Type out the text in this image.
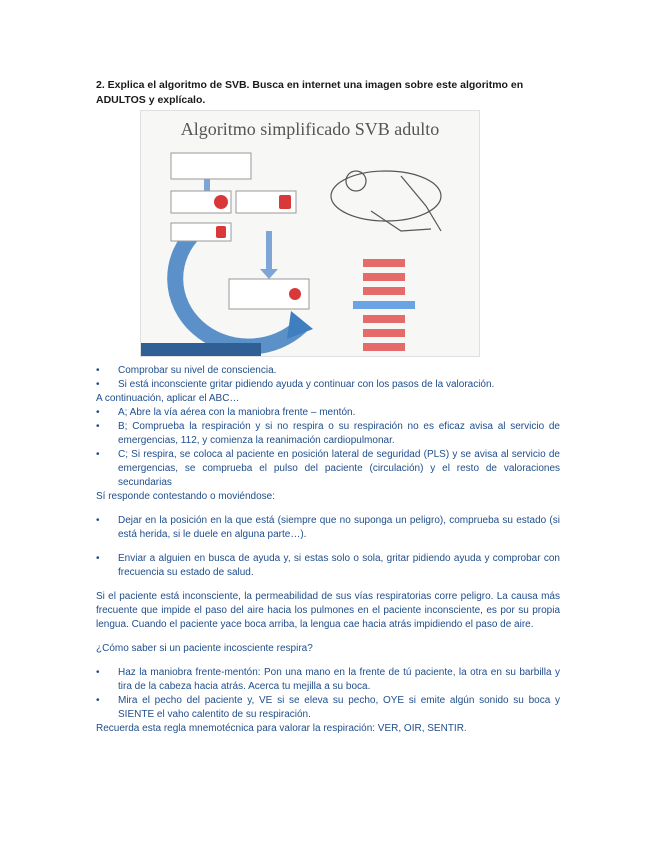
2. Explica el algoritmo de SVB. Busca en internet una imagen sobre este algoritmo en ADULTOS y explícalo.
Algoritmo simplificado SVB adulto
• Comprobar su nivel de consciencia.
• Si está inconsciente gritar pidiendo ayuda y continuar con los pasos de la valoración.
A continuación, aplicar el ABC…
• A; Abre la vía aérea con la maniobra frente – mentón.
• B; Comprueba la respiración y si no respira o su respiración no es eficaz avisa al servicio de emergencias, 112, y comienza la reanimación cardiopulmonar.
• C; Si respira, se coloca al paciente en posición lateral de seguridad (PLS) y se avisa al servicio de emergencias, se comprueba el pulso del paciente (circulación) y el resto de valoraciones secundarias
Sí responde contestando o moviéndose:
• Dejar en la posición en la que está (siempre que no suponga un peligro), comprueba su estado (si está herida, si le duele en alguna parte…).
• Enviar a alguien en busca de ayuda y, si estas solo o sola, gritar pidiendo ayuda y comprobar con frecuencia su estado de salud.
Si el paciente está inconsciente, la permeabilidad de sus vías respiratorias corre peligro. La causa más frecuente que impide el paso del aire hacia los pulmones en el paciente inconsciente, es por su propia lengua. Cuando el paciente yace boca arriba, la lengua cae hacia atrás impidiendo el paso de aire.
¿Cómo saber si un paciente incosciente respira?
• Haz la maniobra frente-mentón: Pon una mano en la frente de tú paciente, la otra en su barbilla y tira de la cabeza hacia atrás. Acerca tu mejilla a su boca.
• Mira el pecho del paciente y, VE si se eleva su pecho, OYE si emite algún sonido su boca y SIENTE el vaho calentito de su respiración.
Recuerda esta regla mnemotécnica para valorar la respiración: VER, OIR, SENTIR.
